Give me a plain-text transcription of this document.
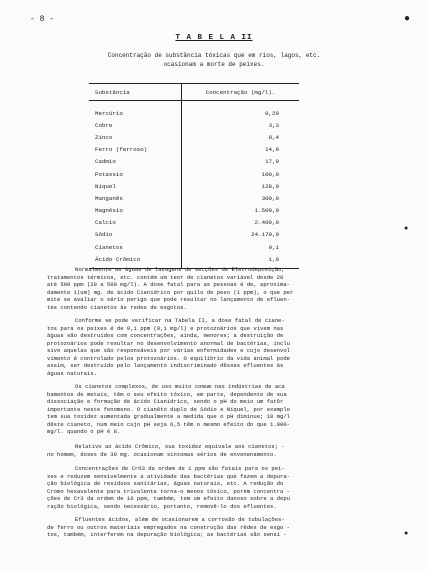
- 8 -
T A B E L A II
Concentração de substância tóxicas que em rios, lagos, etc.
ocasionam a morte de peixes.
Substância	Concentração (mg/l).
Mercúrio	0,29
Cobre	3,3
Zinco	8,4
Ferro (ferroso)	14,0
Cadmio	17,0
Potassio	100,0
Niquel	128,0
Manganês	300,0
Magnésio	1.500,0
Calcio	2.400,0
Sódio	24.170,0
Cianetos	0,1
Ácido Crômico	1,0
Normalmente as águas de lavagens de secções de Eletrodeposição,
tratamentos térmicos, etc. contém um teor de cianetos variável desde 20
até 500 ppm (20 a 500 mg/l). A dose fatal para as pessoas é de, aproxima-
damente 1(um) mg. de ácido Cianídrico por quilo de peso (1 ppm), o que per
mite se avaliar o sério perigo que pode resultar no lançamento de efluen-
tes contendo cianetos às redes de esgotos.
Conforme se pode verificar na Tabela II, a dose fatal de ciane-
tos para os peixes é de 0,1 ppm (0,1 mg/l) e protozoários que vivem nas
águas são destruídos com concentrações, ainda, menores; a destruição de
protozoários pode resultar no desenvolvimento anormal de bactérias, inclu
sive aquelas que são responsáveis por várias enfermidades e cujo desenvol
vimento é controlado pelos protozoários. O equilíbrio da vida animal pode
assim, ser destruído pelo lançamento indiscriminado dêsses efluentes às
águas naturais.
Os cianetos complexos, de uso muito comum nas indústrias de aca
bamentos de metais, têm o seu efeito tóxico, em parte, dependente de sua
dissociação e formação de ácido Cianídrico, sendo o pH do meio um fatôr
importante neste fenomeno. O cianêto duplo de Sódio e Níquel, por exemplo
tem sua toxidez aumentada gradualmente a medida que o pH diminue; 10 mg/l
dêste cianeto, num meio cujo pH seja 6,5 têm o mesmo efeito do que 1.000-
mg/l. quando o pH é 8.
Relativo ao ácido Crômico, sua toxidez equivale aos cianetos; -
no homem, doses de 30 mg. ocasionam sintomas sérios de envenenamento.
Concentrações de CrO3 da ordem de 1 ppm são fatais para os pei-
xes e reduzem sensìvelmente a atividade das bactérias que fazem a depura-
ção biológica de resíduos sanitárias, águas naturais, etc. A redução do
Cromo hexavalente para trivalente torna-o menos tóxico, porém concentra -
ções de Cr3 da ordem de 10 ppm, também, tem um efeito danoso sobre a depu
ração biológica, sendo necessário, portanto, removê-lo dos efluentes.
Efluentes ácidos, além de ocasionarem a corrosão de tubulações-
de ferro ou outros materiais empregados na construção das rêdes de esgo -
tos, também, interferem na depuração biológica; as bactérias são sensí -
●
●
●
